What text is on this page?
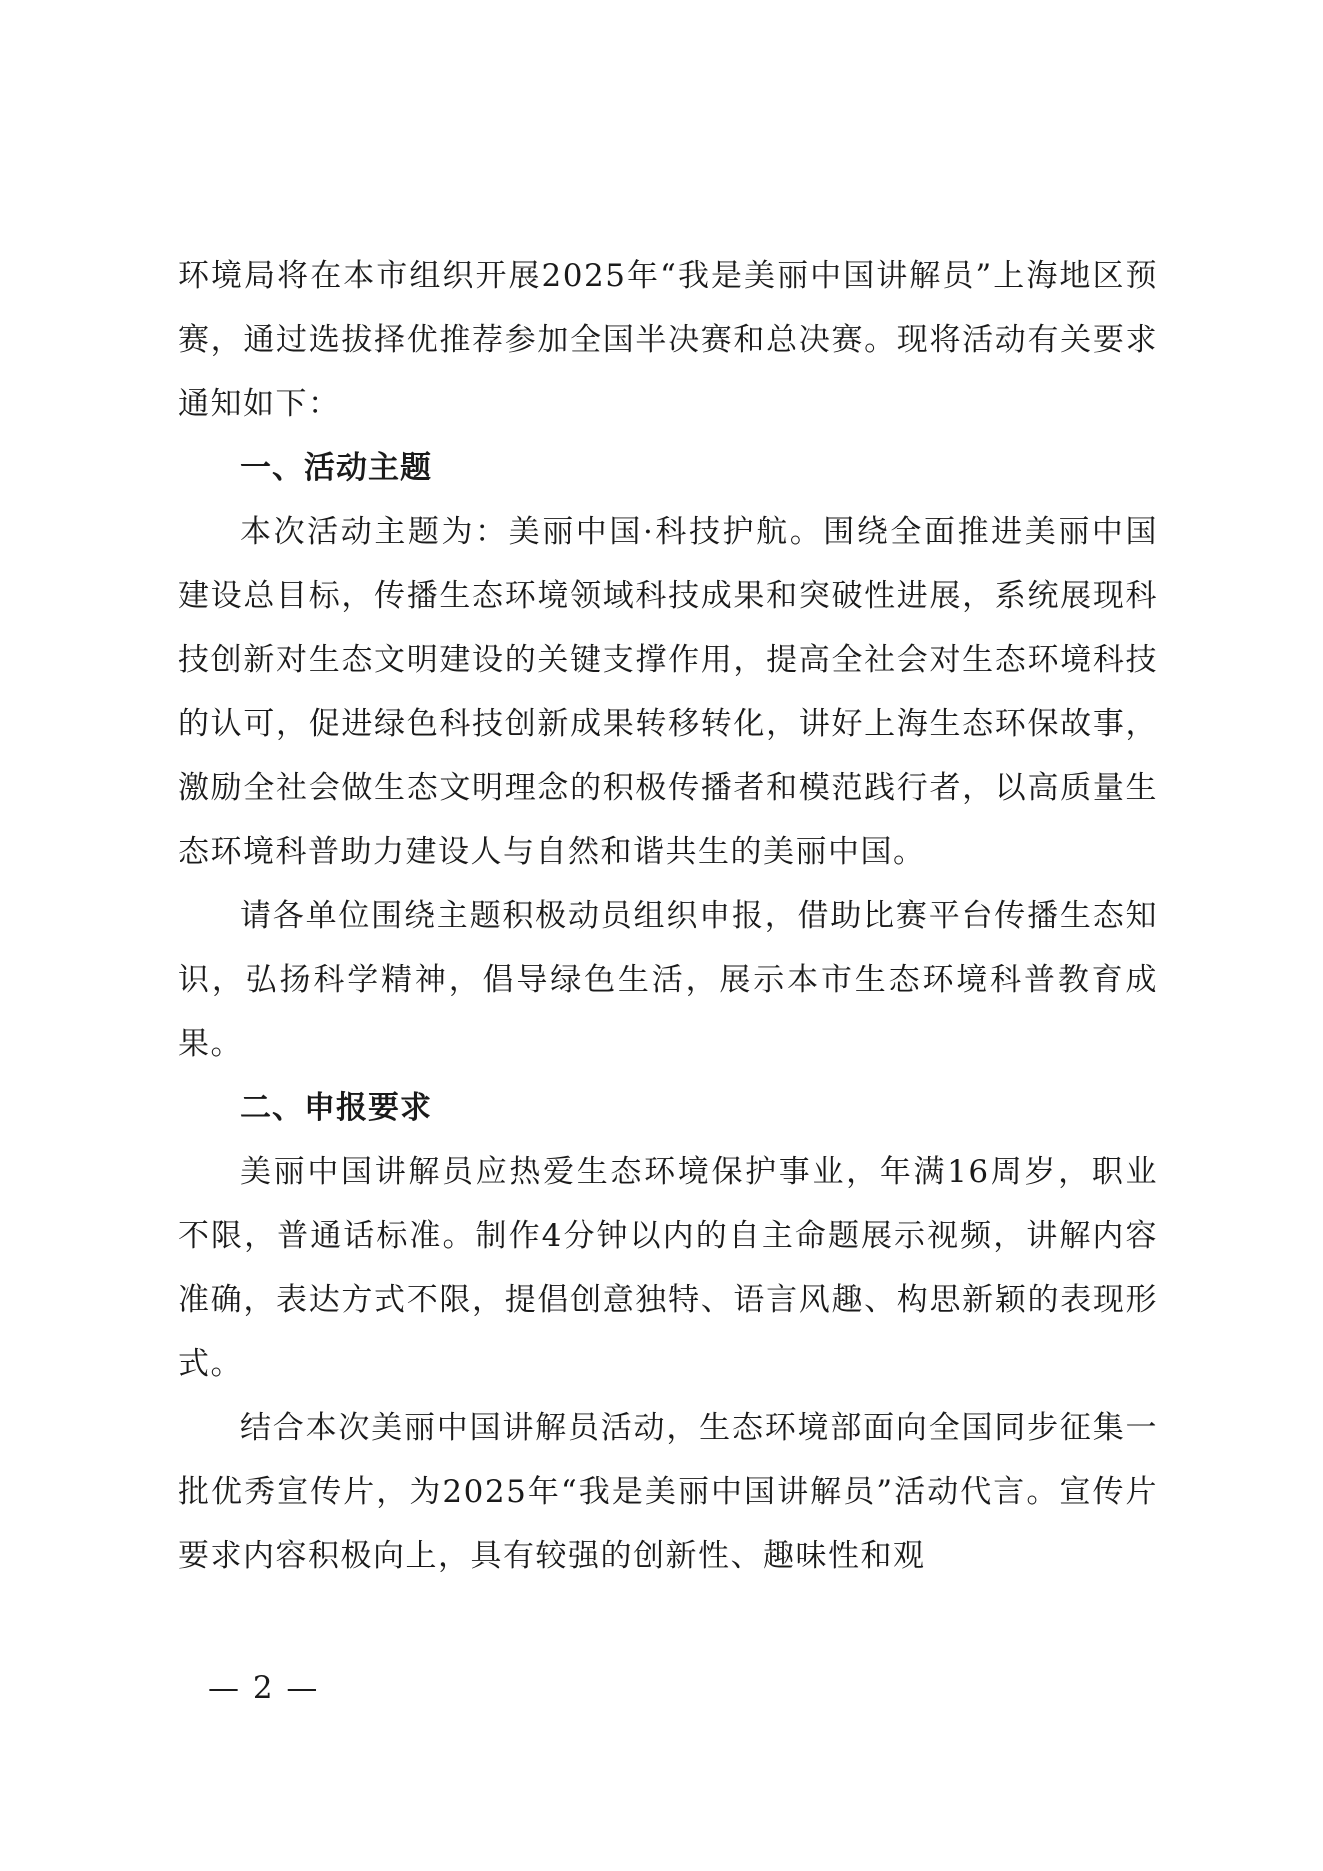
环境局将在本市组织开展2025年“我是美丽中国讲解员”上海地区预赛，通过选拔择优推荐参加全国半决赛和总决赛。现将活动有关要求通知如下：

一、活动主题

本次活动主题为：美丽中国·科技护航。围绕全面推进美丽中国建设总目标，传播生态环境领域科技成果和突破性进展，系统展现科技创新对生态文明建设的关键支撑作用，提高全社会对生态环境科技的认可，促进绿色科技创新成果转移转化，讲好上海生态环保故事，激励全社会做生态文明理念的积极传播者和模范践行者，以高质量生态环境科普助力建设人与自然和谐共生的美丽中国。

请各单位围绕主题积极动员组织申报，借助比赛平台传播生态知识，弘扬科学精神，倡导绿色生活，展示本市生态环境科普教育成果。

二、申报要求

美丽中国讲解员应热爱生态环境保护事业，年满16周岁，职业不限，普通话标准。制作4分钟以内的自主命题展示视频，讲解内容准确，表达方式不限，提倡创意独特、语言风趣、构思新颖的表现形式。

结合本次美丽中国讲解员活动，生态环境部面向全国同步征集一批优秀宣传片，为2025年“我是美丽中国讲解员”活动代言。宣传片要求内容积极向上，具有较强的创新性、趣味性和观

— 2 —
